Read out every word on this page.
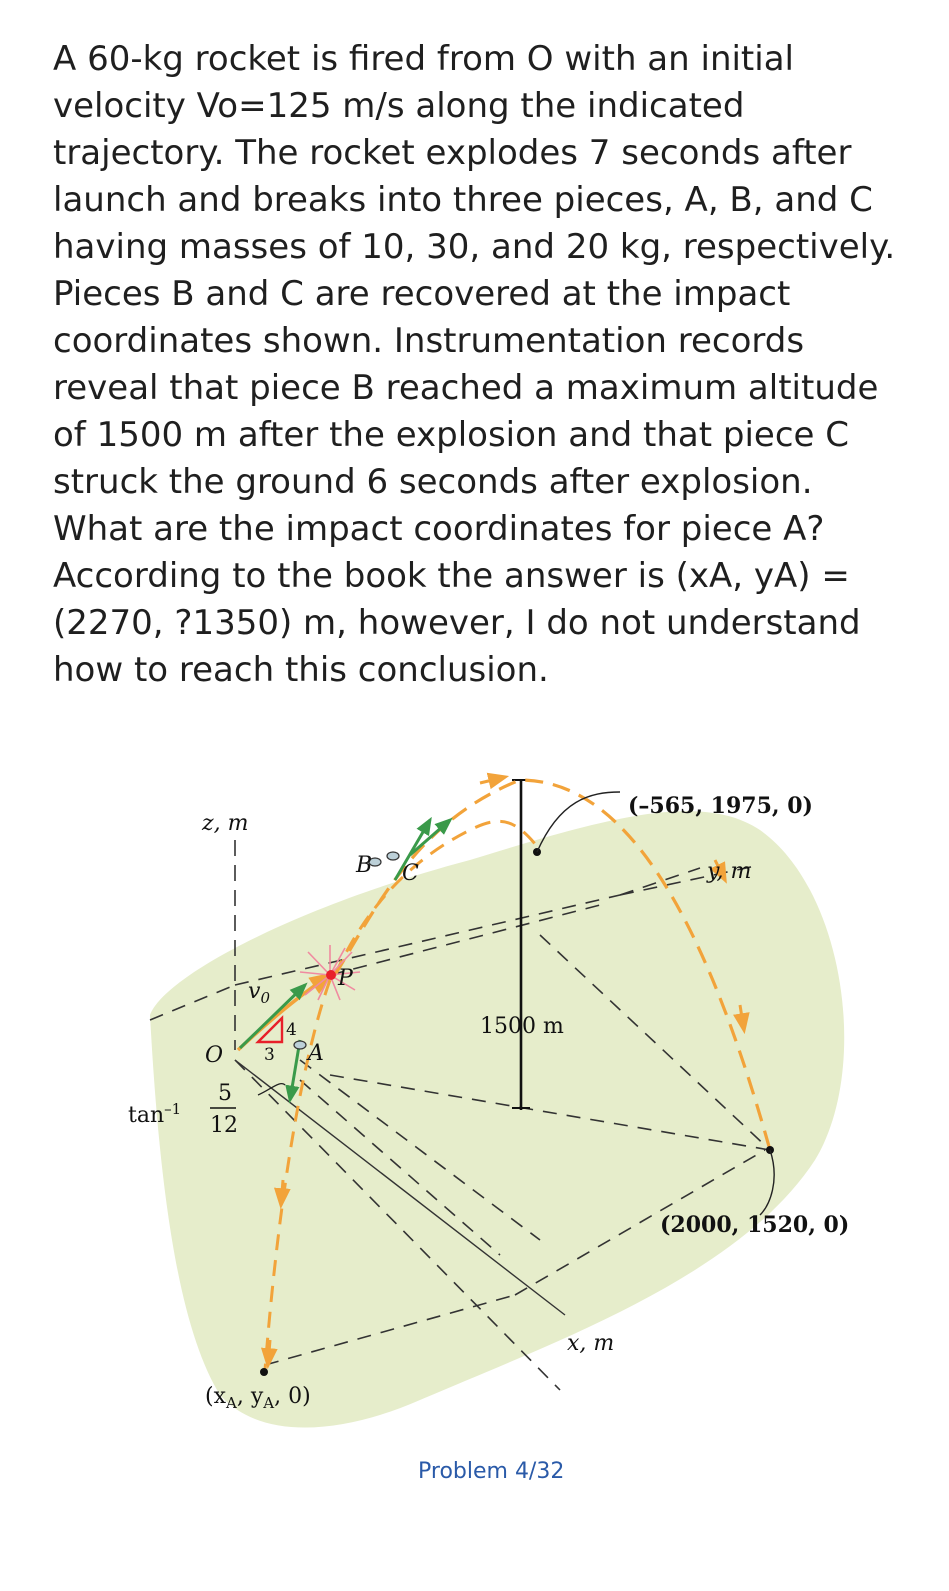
A 60-kg rocket is fired from O with an initial
velocity Vo=125 m/s along the indicated
trajectory. The rocket explodes 7 seconds after
launch and breaks into three pieces, A, B, and C
having masses of 10, 30, and 20 kg, respectively.
Pieces B and C are recovered at the impact
coordinates shown. Instrumentation records
reveal that piece B reached a maximum altitude
of 1500 m after the explosion and that piece C
struck the ground 6 seconds after explosion.
What are the impact coordinates for piece A?
According to the book the answer is (xA, yA) =
(2270, ?1350) m, however, I do not understand
how to reach this conclusion.
z, m
y, m
x, m
O
$v_0$
4
3
P
A
B C
1500 m
(–565, 1975, 0)
(2000, 1520, 0)
($x_A$, $y_A$, 0)
$\tan^{-1}$
5
12
Problem 4/32
